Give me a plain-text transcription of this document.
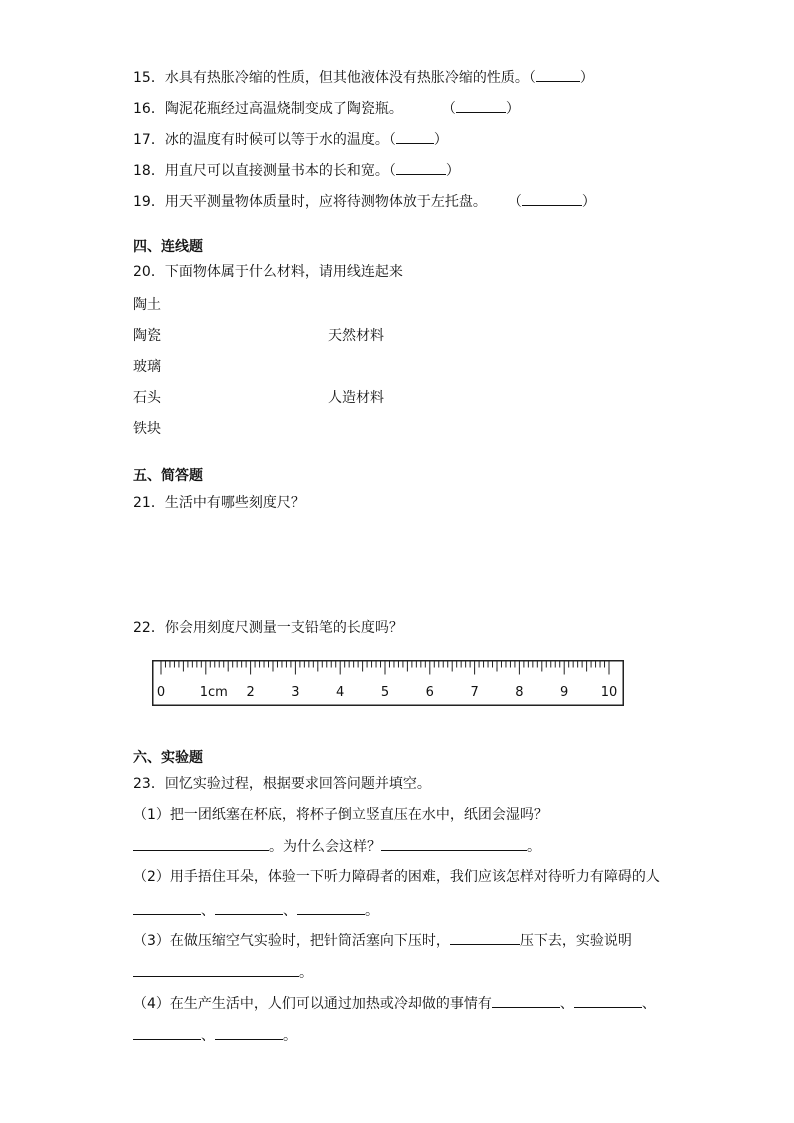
15．水具有热胀冷缩的性质，但其他液体没有热胀冷缩的性质。（	）
16．陶泥花瓶经过高温烧制变成了陶瓷瓶。	（	）
17．冰的温度有时候可以等于水的温度。（	）
18．用直尺可以直接测量书本的长和宽。（	）
19．用天平测量物体质量时，应将待测物体放于左托盘。 （	）
四、连线题
20．下面物体属于什么材料，请用线连起来
陶土
陶瓷
玻璃
石头
铁块
天然材料
人造材料
五、简答题
21．生活中有哪些刻度尺？
22．你会用刻度尺测量一支铅笔的长度吗？
0	1cm 2	3	4	5	6	7	8	9 10
六、实验题
23．回忆实验过程，根据要求回答问题并填空。
（1）把一团纸塞在杯底，将杯子倒立竖直压在水中，纸团会湿吗？
。为什么会这样？	。
（2）用手捂住耳朵，体验一下听力障碍者的困难，我们应该怎样对待听力有障碍的人
、	、	。
（3）在做压缩空气实验时，把针筒活塞向下压时，	压下去，实验说明
。
（4）在生产生活中，人们可以通过加热或冷却做的事情有	、	、
、	。
